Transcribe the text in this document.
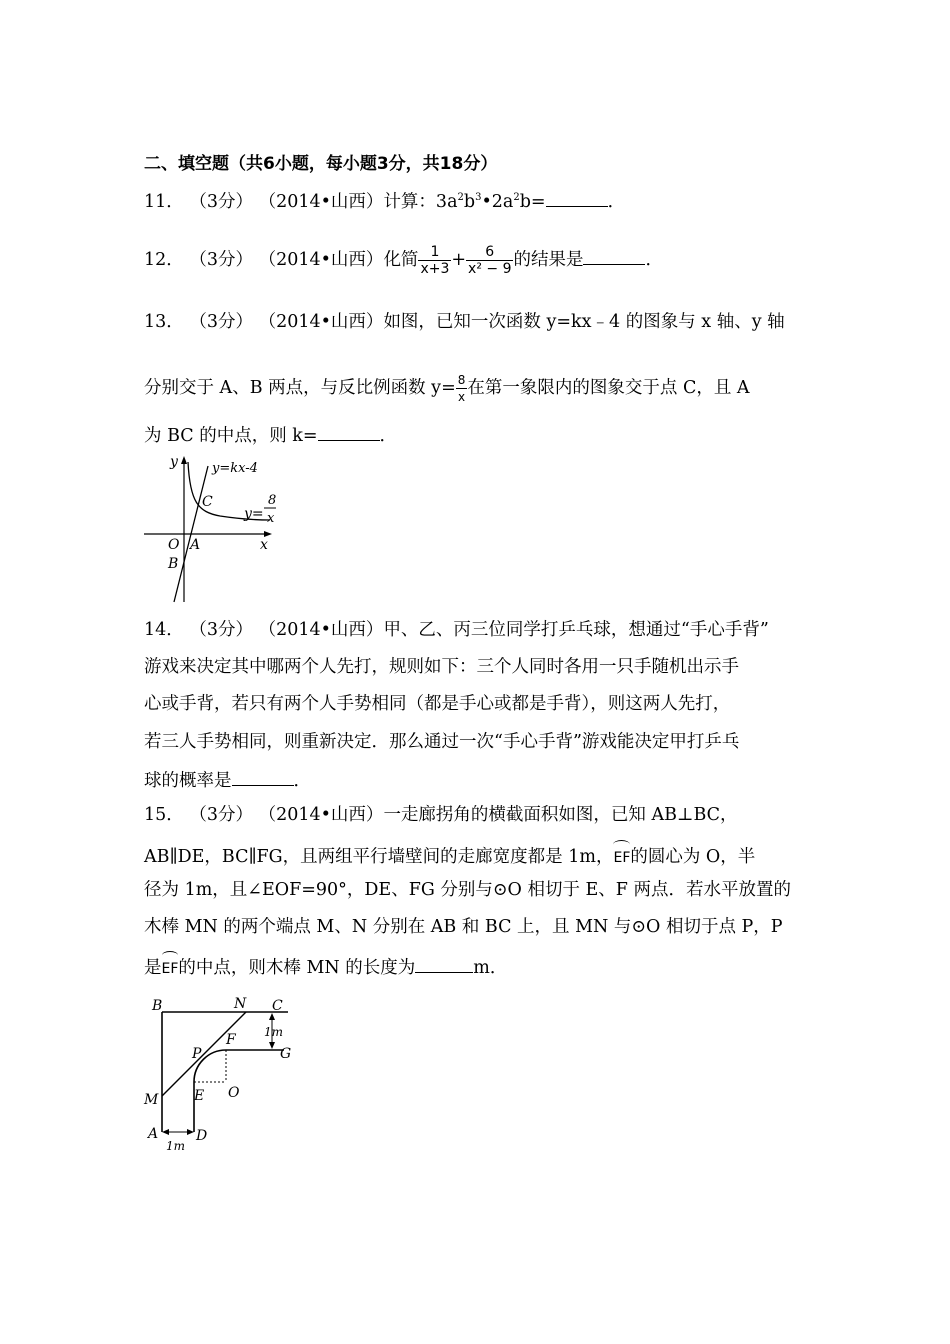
二、填空题（共6小题，每小题3分，共18分）
11． （3分） （2014•山西）计算：$3a^2b^3•2a^2b=$	．
12． （3分） （2014•山西）化简 $\frac{1}{x+3} + \frac{6}{\text{x² − 9}}$ 的结果是	．
13． （3分） （2014•山西）如图，已知一次函数 y=kx﹣4 的图象与 x 轴、y 轴
分别交于 A、B 两点，与反比例函数 $y= \frac{8}{x}$ 在第一象限内的图象交于点 C，且 A
为 BC 的中点，则 k=	．
y
x
y=kx-4
C
O A
B
y=
8
x
14． （3分） （2014•山西）甲、乙、丙三位同学打乒乓球，想通过“手心手背”
游戏来决定其中哪两个人先打，规则如下：三个人同时各用一只手随机出示手
心或手背，若只有两个人手势相同（都是手心或都是手背），则这两人先打，
若三人手势相同，则重新决定．那么通过一次“手心手背”游戏能决定甲打乒乓
球的概率是	．
15． （3分） （2014•山西）一走廊拐角的横截面积如图，已知 AB⊥BC，
AB∥DE，BC∥FG，且两组平行墙壁间的走廊宽度都是 1m，EF的圆心为 O，半
径为 1m，且∠EOF=90°，DE、FG 分别与⊙O 相切于 E、F 两点．若水平放置的
木棒 MN 的两个端点 M、N 分别在 AB 和 BC 上，且 MN 与⊙O 相切于点 P，P
是EF的中点，则木棒 MN 的长度为	m．
B	N C
1m
P
F
G
M	E O
A	D
1m
